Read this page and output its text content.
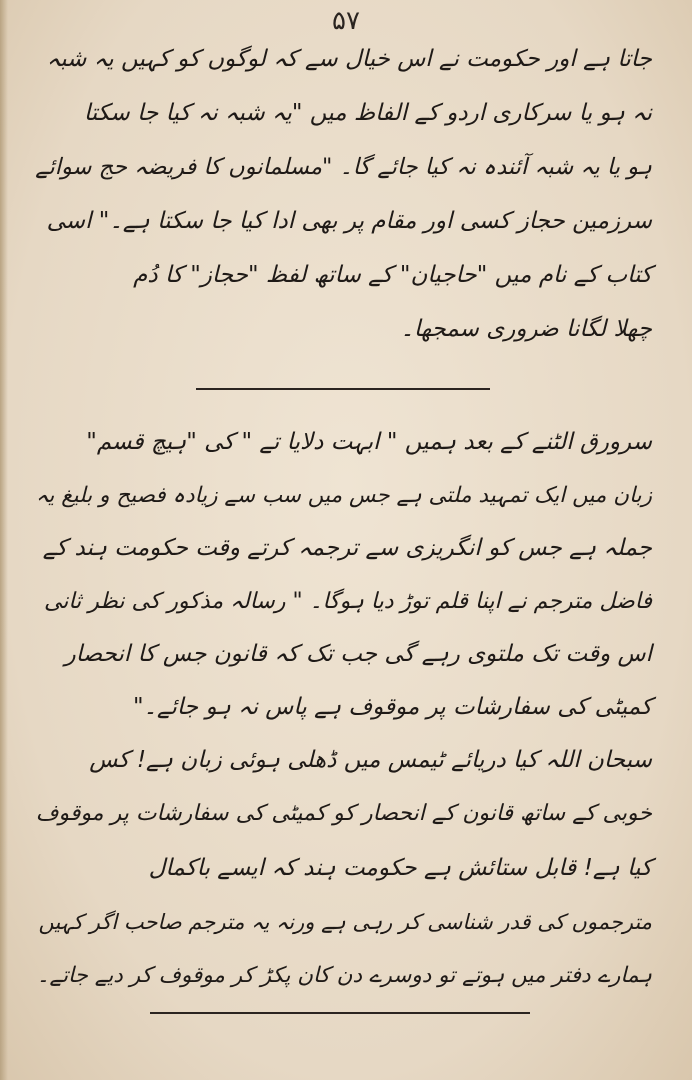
۵۷
جاتا ہے اور حکومت نے اس خیال سے کہ لوگوں کو کہیں یہ شبہ
نہ ہو یا سرکاری اردو کے الفاظ میں "یہ شبہ نہ کیا جا سکتا
ہو یا یہ شبہ آئندہ نہ کیا جائے گا۔ "مسلمانوں کا فریضہ حج سوائے
سرزمین حجاز کسی اور مقام پر بھی ادا کیا جا سکتا ہے۔" اسی
کتاب کے نام میں "حاجیان" کے ساتھ لفظ "حجاز" کا دُم
چھلا لگانا ضروری سمجھا۔
سرورق الٹنے کے بعد ہمیں " ابہت دلایا تے " کی "ہیچ قسم"
زبان میں ایک تمہید ملتی ہے جس میں سب سے زیادہ فصیح و بلیغ یہ
جملہ ہے جس کو انگریزی سے ترجمہ کرتے وقت حکومت ہند کے
فاضل مترجم نے اپنا قلم توڑ دیا ہوگا۔ " رسالہ مذکور کی نظر ثانی
اس وقت تک ملتوی رہے گی جب تک کہ قانون جس کا انحصار
کمیٹی کی سفارشات پر موقوف ہے پاس نہ ہو جائے۔"
سبحان اللہ کیا دریائے ٹیمس میں ڈھلی ہوئی زبان ہے! کس
خوبی کے ساتھ قانون کے انحصار کو کمیٹی کی سفارشات پر موقوف
کیا ہے! قابل ستائش ہے حکومت ہند کہ ایسے باکمال
مترجموں کی قدر شناسی کر رہی ہے ورنہ یہ مترجم صاحب اگر کہیں
ہمارے دفتر میں ہوتے تو دوسرے دن کان پکڑ کر موقوف کر دیے جاتے۔
